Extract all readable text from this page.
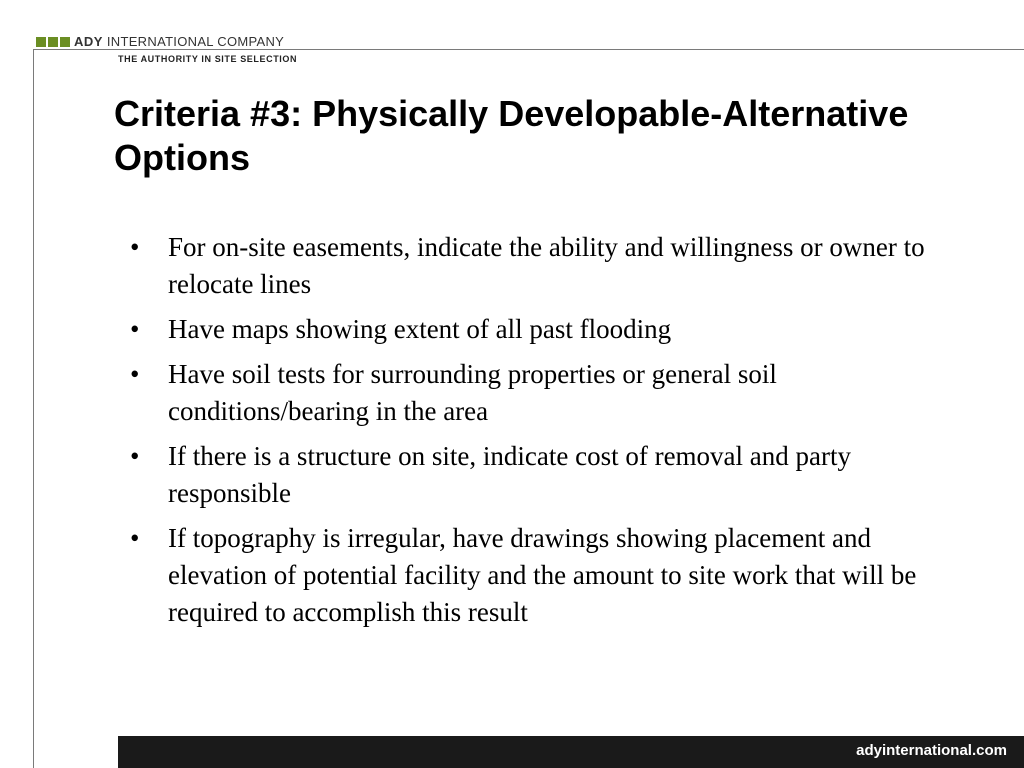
ADY INTERNATIONAL COMPANY
THE AUTHORITY IN SITE SELECTION
Criteria #3: Physically Developable-Alternative Options
• For on-site easements, indicate the ability and willingness or owner to relocate lines
• Have maps showing extent of all past flooding
• Have soil tests for surrounding properties or general soil conditions/bearing in the area
• If there is a structure on site, indicate cost of removal and party responsible
• If topography is irregular, have drawings showing placement and elevation of potential facility and the amount to site work that will be required to accomplish this result
adyinternational.com
